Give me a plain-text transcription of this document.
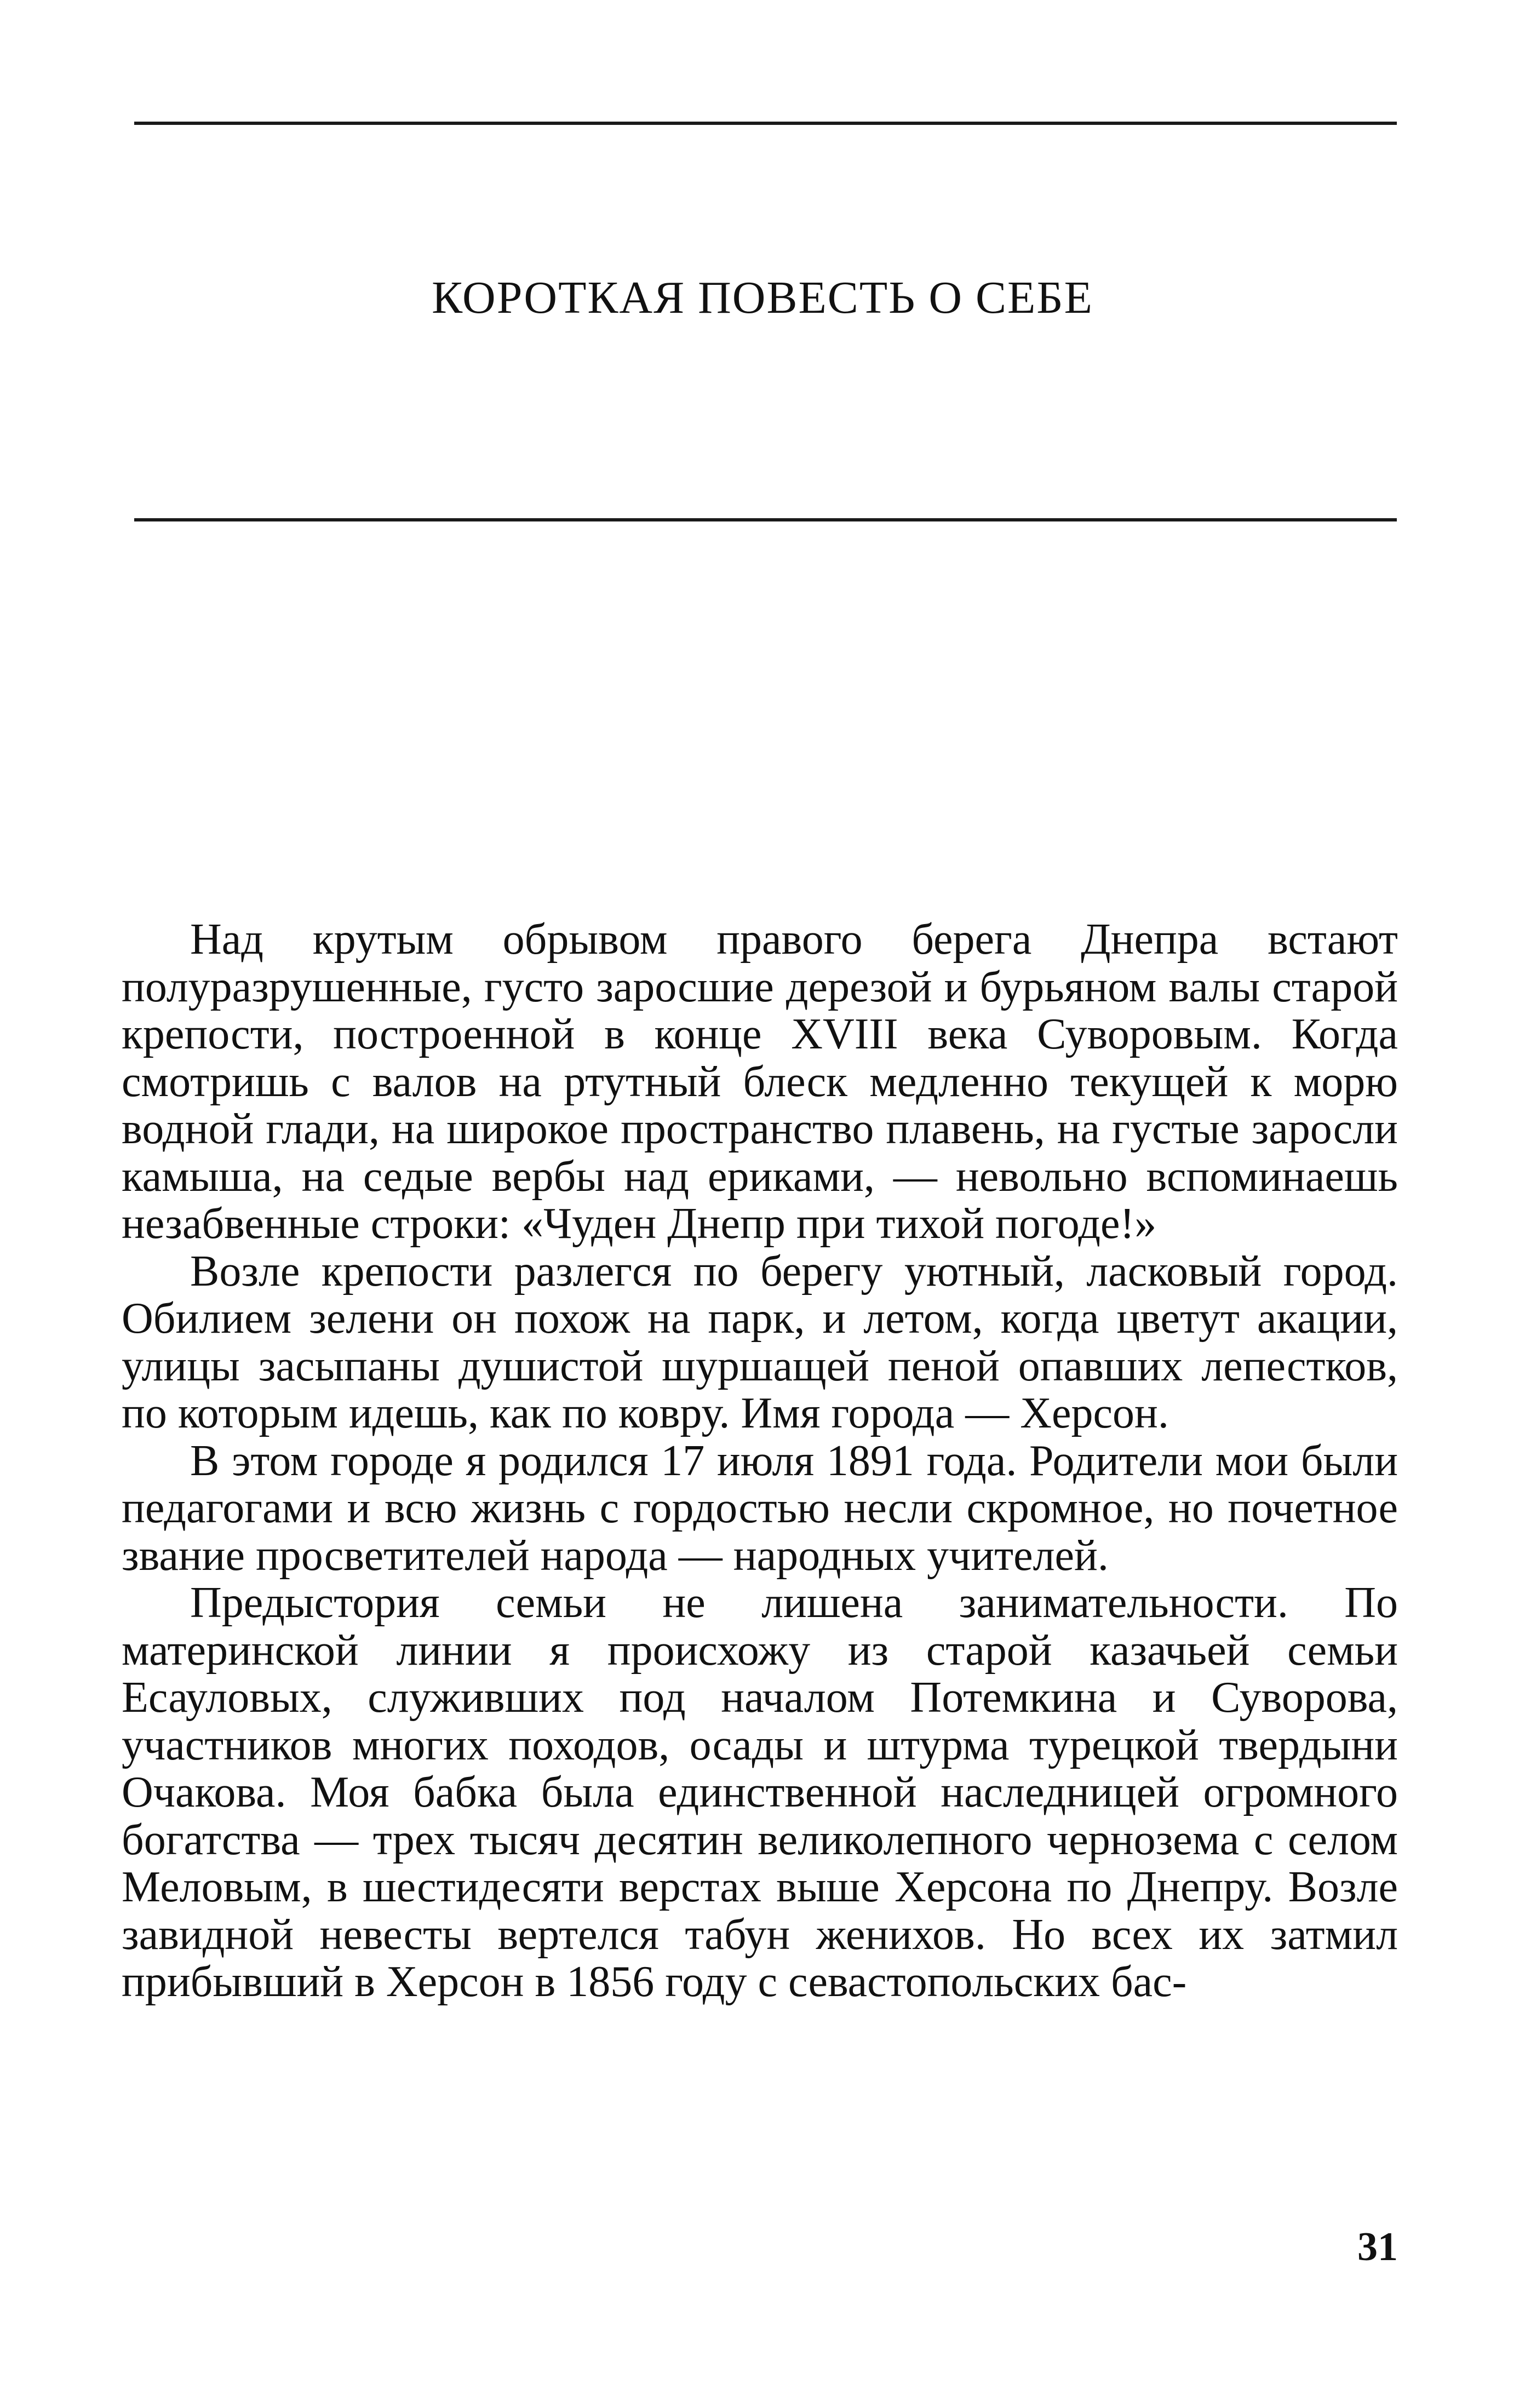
КОРОТКАЯ ПОВЕСТЬ О СЕБЕ

Над крутым обрывом правого берега Днепра встают полуразрушенные, густо заросшие дерезой и бурьяном валы старой крепости, построенной в конце XVIII века Суворовым. Когда смотришь с валов на ртутный блеск медленно текущей к морю водной глади, на широкое пространство плавень, на густые заросли камыша, на седые вербы над ериками, — невольно вспоминаешь незабвенные строки: «Чуден Днепр при тихой погоде!»

Возле крепости разлегся по берегу уютный, ласковый город. Обилием зелени он похож на парк, и летом, когда цветут акации, улицы засыпаны душистой шуршащей пеной опавших лепестков, по которым идешь, как по ковру. Имя города — Херсон.

В этом городе я родился 17 июля 1891 года. Родители мои были педагогами и всю жизнь с гордостью несли скромное, но почетное звание просветителей народа — народных учителей.

Предыстория семьи не лишена занимательности. По материнской линии я происхожу из старой казачьей семьи Есауловых, служивших под началом Потемкина и Суворова, участников многих походов, осады и штурма турецкой твердыни Очакова. Моя бабка была единственной наследницей огромного богатства — трех тысяч десятин великолепного чернозема с селом Меловым, в шестидесяти верстах выше Херсона по Днепру. Возле завидной невесты вертелся табун женихов. Но всех их затмил прибывший в Херсон в 1856 году с севастопольских бас-

31
